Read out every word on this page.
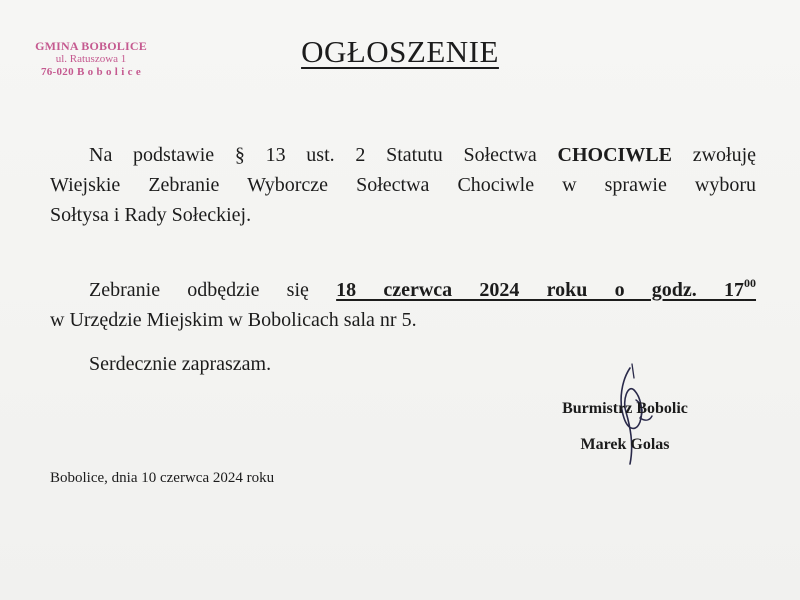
GMINA BOBOLICE
ul. Ratuszowa 1
76-020 B o b o l i c e
OGŁOSZENIE
Na podstawie § 13 ust. 2 Statutu Sołectwa CHOCIWLE zwołuję
Wiejskie Zebranie Wyborcze Sołectwa Chociwle w sprawie wyboru
Sołtysa i Rady Sołeckiej.
Zebranie odbędzie się 18 czerwca 2024 roku o godz. $17^{00}$
w Urzędzie Miejskim w Bobolicach sala nr 5.
Serdecznie zapraszam.
Burmistrz Bobolic
Marek Golas
Bobolice, dnia 10 czerwca 2024 roku
